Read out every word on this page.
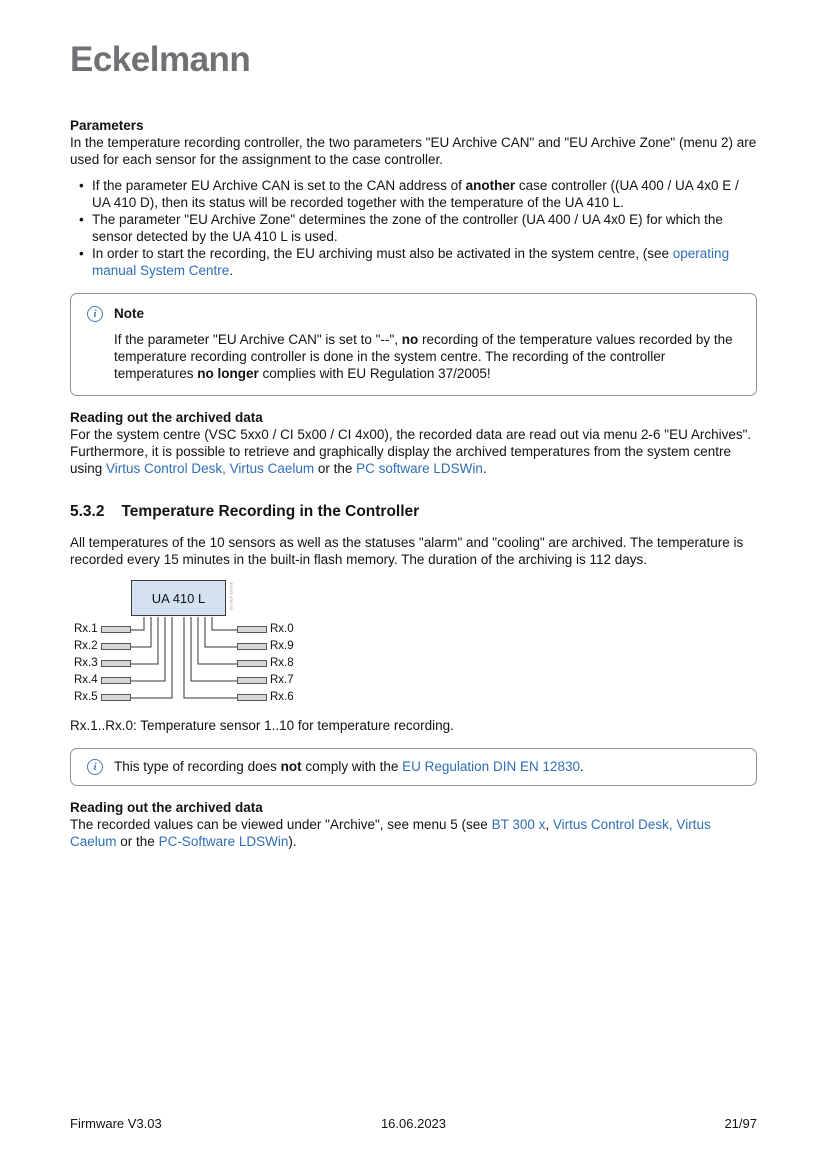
Eckelmann
Parameters

In the temperature recording controller, the two parameters "EU Archive CAN" and "EU Archive Zone" (menu 2) are used for each sensor for the assignment to the case controller.

• If the parameter EU Archive CAN is set to the CAN address of another case controller ((UA 400 / UA 4x0 E / UA 410 D), then its status will be recorded together with the temperature of the UA 410 L.
• The parameter "EU Archive Zone" determines the zone of the controller (UA 400 / UA 4x0 E) for which the sensor detected by the UA 410 L is used.
• In order to start the recording, the EU archiving must also be activated in the system centre, (see operating manual System Centre.
i Note

If the parameter "EU Archive CAN" is set to "--", no recording of the temperature values recorded by the temperature recording controller is done in the system centre. The recording of the controller temperatures no longer complies with EU Regulation 37/2005!

Reading out the archived data

For the system centre (VSC 5xx0 / CI 5x00 / CI 4x00), the recorded data are read out via menu 2-6 "EU Archives". Furthermore, it is possible to retrieve and graphically display the archived temperatures from the system centre using Virtus Control Desk, Virtus Caelum or the PC software LDSWin.

5.3.2 Temperature Recording in the Controller

All temperatures of the 10 sensors as well as the statuses "alarm" and "cooling" are archived. The temperature is recorded every 15 minutes in the built-in flash memory. The duration of the archiving is 112 days.

UA 410 L	91003-430-02
Rx.1
Rx.2
Rx.3
Rx.4
Rx.5
Rx.0
Rx.9
Rx.8
Rx.7
Rx.6

Rx.1..Rx.0: Temperature sensor 1..10 for temperature recording.

i This type of recording does not comply with the EU Regulation DIN EN 12830.
Reading out the archived data

The recorded values can be viewed under "Archive", see menu 5 (see BT 300 x, Virtus Control Desk, Virtus Caelum or the PC-Software LDSWin).

Firmware V3.03	16.06.2023	21/97
